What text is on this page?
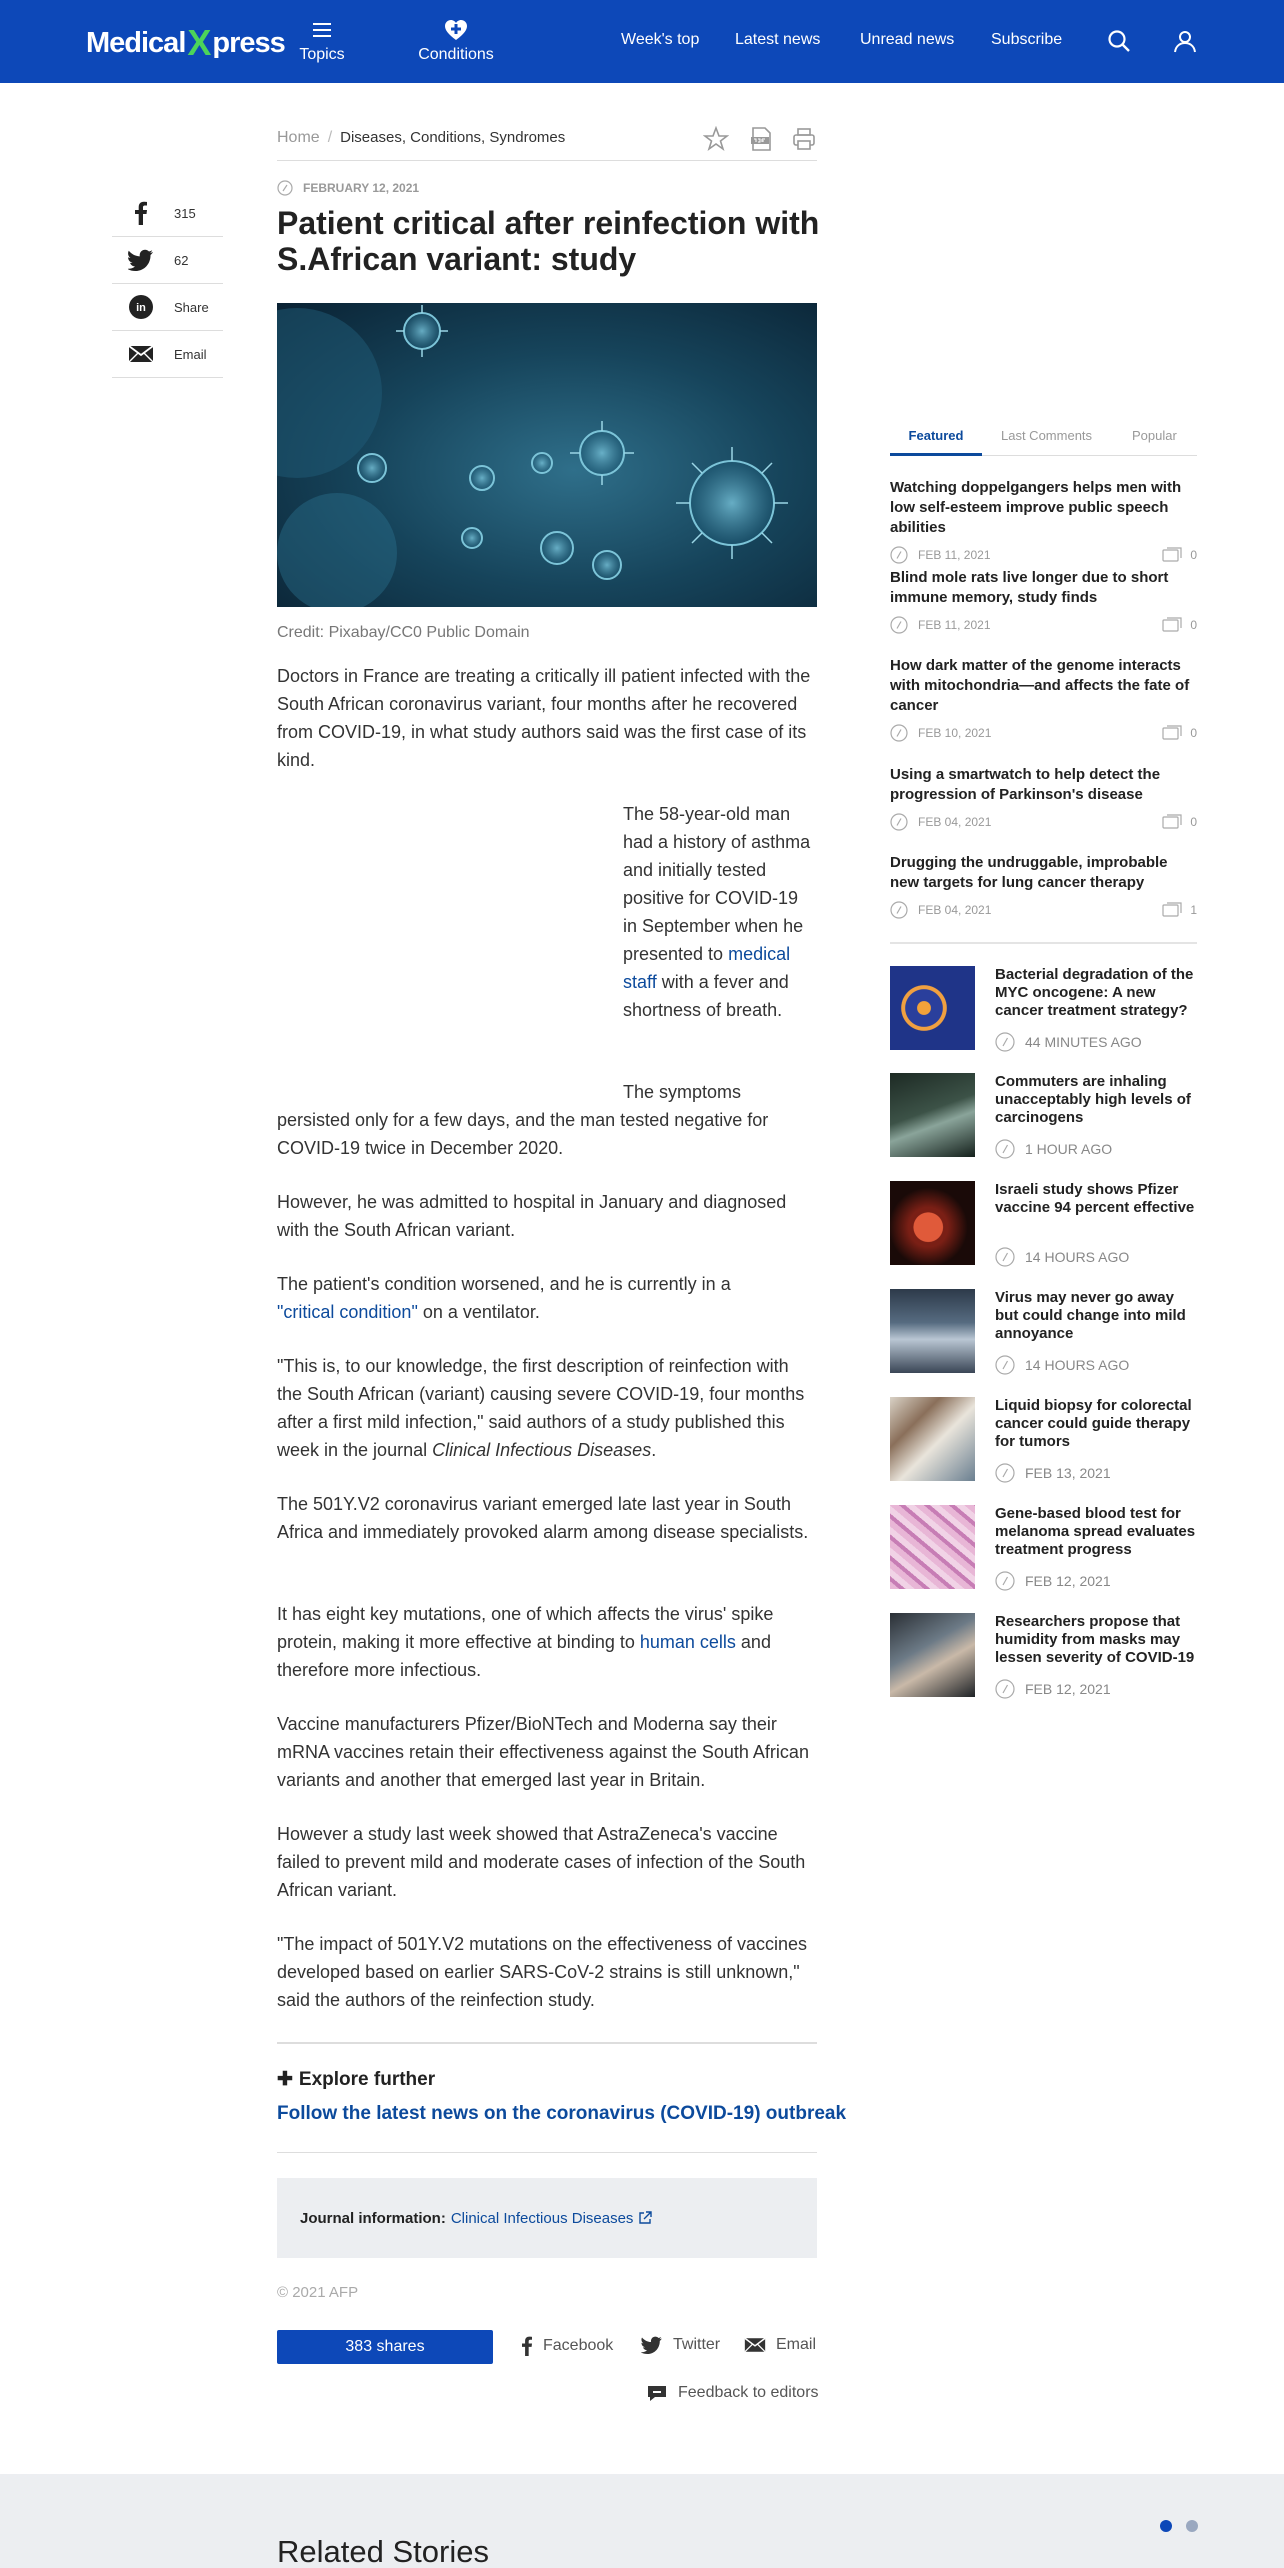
Medical X press Topics	Conditions
Week's top Latest news Unread news Subscribe
Home / Diseases, Conditions, Syndromes
315
62
in Share
Email
FEBRUARY 12, 2021
Patient critical after reinfection with S.African variant: study
Credit: Pixabay/CC0 Public Domain

Doctors in France are treating a critically ill patient infected with the South African coronavirus variant, four months after he recovered from COVID-19, in what study authors said was the first case of its kind.

The 58-year-old man had a history of asthma and initially tested positive for COVID-19 in September when he presented to medical staff with a fever and shortness of breath.

The symptoms
persisted only for a few days, and the man tested negative for COVID-19 twice in December 2020.

However, he was admitted to hospital in January and diagnosed with the South African variant.

The patient's condition worsened, and he is currently in a
"critical condition" on a ventilator.

"This is, to our knowledge, the first description of reinfection with the South African (variant) causing severe COVID-19, four months after a first mild infection," said authors of a study published this week in the journal Clinical Infectious Diseases.

The 501Y.V2 coronavirus variant emerged late last year in South Africa and immediately provoked alarm among disease specialists.

It has eight key mutations, one of which affects the virus' spike protein, making it more effective at binding to human cells and therefore more infectious.

Vaccine manufacturers Pfizer/BioNTech and Moderna say their mRNA vaccines retain their effectiveness against the South African variants and another that emerged last year in Britain.

However a study last week showed that AstraZeneca's vaccine failed to prevent mild and moderate cases of infection of the South African variant.

"The impact of 501Y.V2 mutations on the effectiveness of vaccines developed based on earlier SARS-CoV-2 strains is still unknown," said the authors of the reinfection study.

✚ Explore further
Follow the latest news on the coronavirus (COVID-19) outbreak
Journal information: Clinical Infectious Diseases
© 2021 AFP
383 shares	Facebook	Twitter	Email
Feedback to editors
Featured	Last Comments	Popular
Watching doppelgangers helps men with low self-esteem improve public speech abilities
FEB 11, 2021	0
Blind mole rats live longer due to short immune memory, study finds
FEB 11, 2021	0
How dark matter of the genome interacts with mitochondria—and affects the fate of cancer
FEB 10, 2021	0
Using a smartwatch to help detect the progression of Parkinson's disease
FEB 04, 2021	0
Drugging the undruggable, improbable new targets for lung cancer therapy
FEB 04, 2021	1
Bacterial degradation of the MYC oncogene: A new cancer treatment strategy?
44 MINUTES AGO
Commuters are inhaling unacceptably high levels of carcinogens
1 HOUR AGO
Israeli study shows Pfizer vaccine 94 percent effective
14 HOURS AGO
Virus may never go away but could change into mild annoyance
14 HOURS AGO
Liquid biopsy for colorectal cancer could guide therapy for tumors
FEB 13, 2021
Gene-based blood test for melanoma spread evaluates treatment progress
FEB 12, 2021
Researchers propose that humidity from masks may lessen severity of COVID-19
FEB 12, 2021
Related Stories
